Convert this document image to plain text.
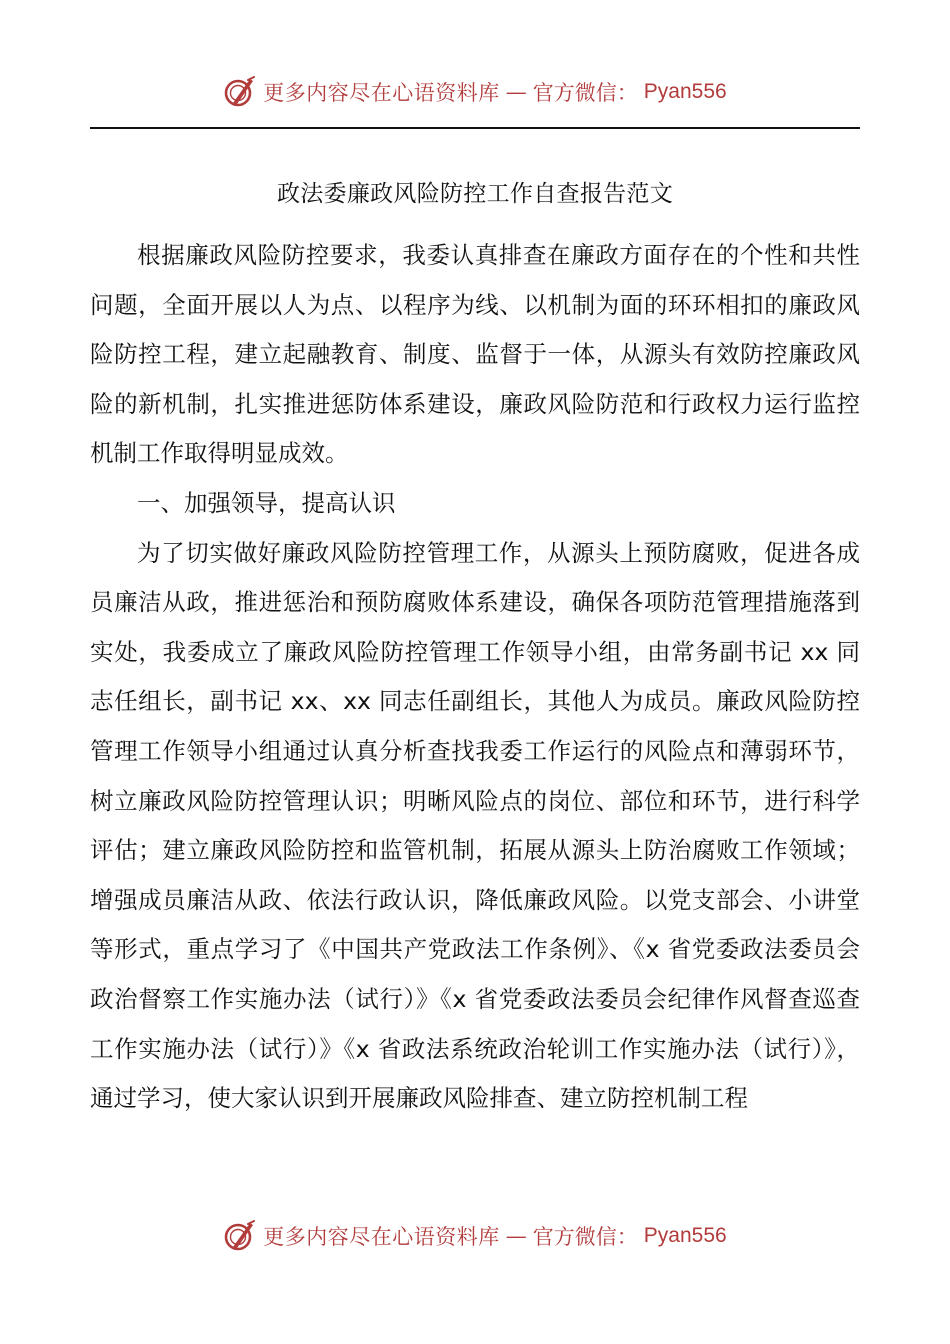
更多内容尽在心语资料库 — 官方微信： Pyan556
政法委廉政风险防控工作自查报告范文

根据廉政风险防控要求，我委认真排查在廉政方面存在的个性和共性问题，全面开展以人为点、以程序为线、以机制为面的环环相扣的廉政风险防控工程，建立起融教育、制度、监督于一体，从源头有效防控廉政风险的新机制，扎实推进惩防体系建设，廉政风险防范和行政权力运行监控机制工作取得明显成效。

一、加强领导，提高认识

为了切实做好廉政风险防控管理工作，从源头上预防腐败，促进各成员廉洁从政，推进惩治和预防腐败体系建设，确保各项防范管理措施落到实处，我委成立了廉政风险防控管理工作领导小组，由常务副书记 xx 同志任组长，副书记 xx、xx 同志任副组长，其他人为成员。廉政风险防控管理工作领导小组通过认真分析查找我委工作运行的风险点和薄弱环节，树立廉政风险防控管理认识；明晰风险点的岗位、部位和环节，进行科学评估；建立廉政风险防控和监管机制，拓展从源头上防治腐败工作领域；增强成员廉洁从政、依法行政认识，降低廉政风险。以党支部会、小讲堂等形式，重点学习了《中国共产党政法工作条例》、《x 省党委政法委员会政治督察工作实施办法（试行）》《x 省党委政法委员会纪律作风督查巡查工作实施办法（试行）》《x 省政法系统政治轮训工作实施办法（试行）》，通过学习，使大家认识到开展廉政风险排查、建立防控机制工程

更多内容尽在心语资料库 — 官方微信： Pyan556
